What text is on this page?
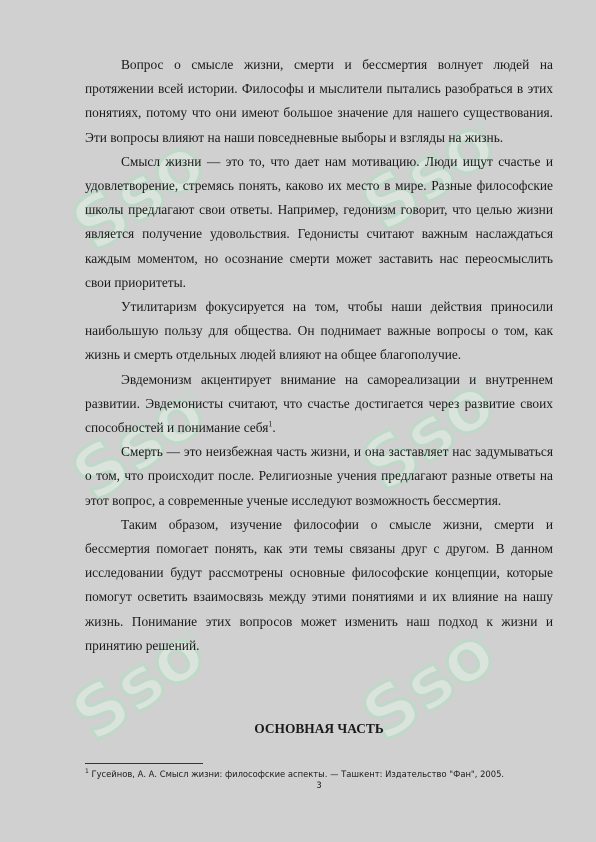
Ssoff Ssoff
Ssoff Ssoff
Ssoff Ssoff

Вопрос о смысле жизни, смерти и бессмертия волнует людей на протяжении всей истории. Философы и мыслители пытались разобраться в этих понятиях, потому что они имеют большое значение для нашего существования. Эти вопросы влияют на наши повседневные выборы и взгляды на жизнь.

Смысл жизни — это то, что дает нам мотивацию. Люди ищут счастье и удовлетворение, стремясь понять, каково их место в мире. Разные философские школы предлагают свои ответы. Например, гедонизм говорит, что целью жизни является получение удовольствия. Гедонисты считают важным наслаждаться каждым моментом, но осознание смерти может заставить нас переосмыслить свои приоритеты.

Утилитаризм фокусируется на том, чтобы наши действия приносили наибольшую пользу для общества. Он поднимает важные вопросы о том, как жизнь и смерть отдельных людей влияют на общее благополучие.

Эвдемонизм акцентирует внимание на самореализации и внутреннем развитии. Эвдемонисты считают, что счастье достигается через развитие своих способностей и понимание себя$^1$.

Смерть — это неизбежная часть жизни, и она заставляет нас задумываться о том, что происходит после. Религиозные учения предлагают разные ответы на этот вопрос, а современные ученые исследуют возможность бессмертия.

Таким образом, изучение философии о смысле жизни, смерти и бессмертия помогает понять, как эти темы связаны друг с другом. В данном исследовании будут рассмотрены основные философские концепции, которые помогут осветить взаимосвязь между этими понятиями и их влияние на нашу жизнь. Понимание этих вопросов может изменить наш подход к жизни и принятию решений.

ОСНОВНАЯ ЧАСТЬ
$^1$ Гусейнов, А. А. Смысл жизни: философские аспекты. — Ташкент: Издательство "Фан", 2005.
3
